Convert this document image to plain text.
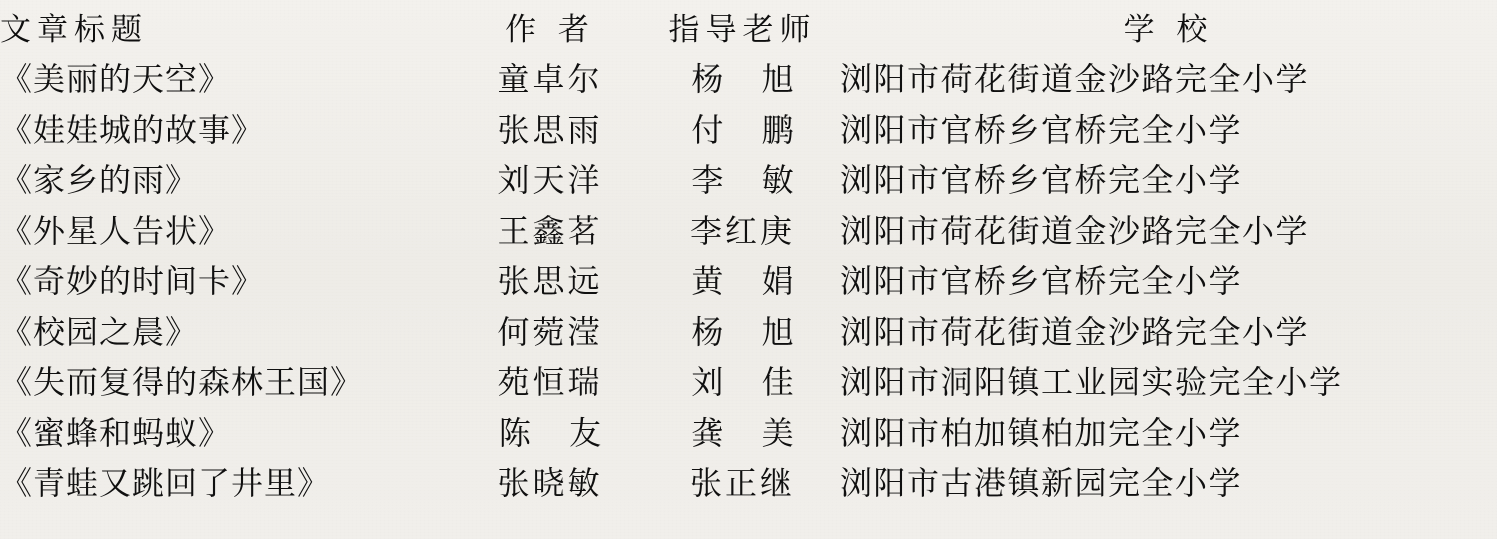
文章标题	作 者	指导老师	学 校
《美丽的天空》	童卓尔	杨 旭	浏阳市荷花街道金沙路完全小学
《娃娃城的故事》	张思雨	付 鹏	浏阳市官桥乡官桥完全小学
《家乡的雨》	刘天洋	李 敏	浏阳市官桥乡官桥完全小学
《外星人告状》	王鑫茗	李红庚	浏阳市荷花街道金沙路完全小学
《奇妙的时间卡》	张思远	黄 娟	浏阳市官桥乡官桥完全小学
《校园之晨》	何菀滢	杨 旭	浏阳市荷花街道金沙路完全小学
《失而复得的森林王国》	苑恒瑞	刘 佳	浏阳市洞阳镇工业园实验完全小学
《蜜蜂和蚂蚁》	陈 友	龚 美	浏阳市柏加镇柏加完全小学
《青蛙又跳回了井里》	张晓敏	张正继	浏阳市古港镇新园完全小学
